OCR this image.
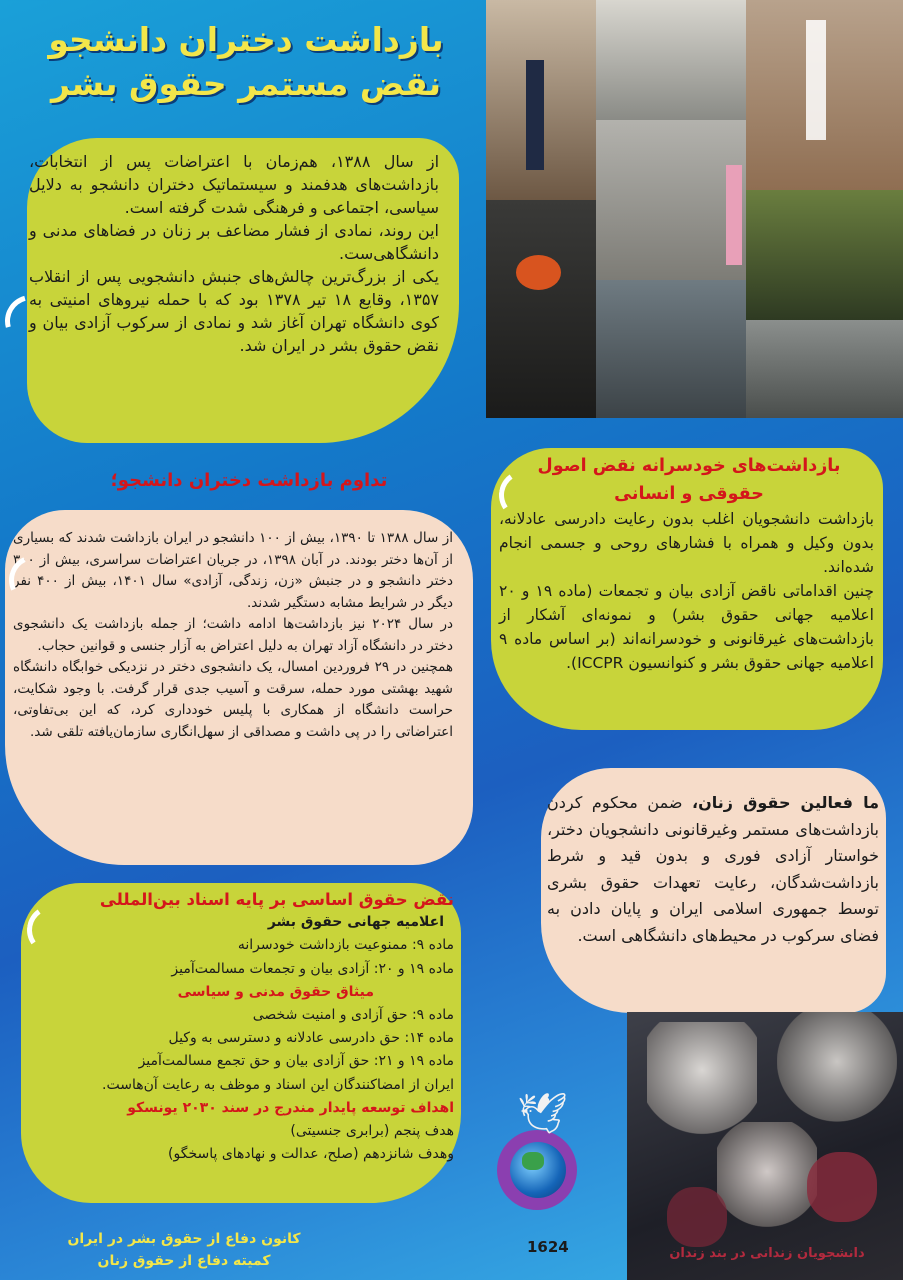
بازداشت دختران دانشجو
نقض مستمر حقوق بشر

از سال ۱۳۸۸، هم‌زمان با اعتراضات پس از انتخابات، بازداشت‌های هدفمند و سیستماتیک دختران دانشجو به دلایل سیاسی، اجتماعی و فرهنگی شدت گرفته است.

این روند، نمادی از فشار مضاعف بر زنان در فضاهای مدنی و دانشگاهی‌ست.

یکی از بزرگ‌ترین چالش‌های جنبش دانشجویی پس از انقلاب ۱۳۵۷، وقایع ۱۸ تیر ۱۳۷۸ بود که با حمله نیروهای امنیتی به کوی دانشگاه تهران آغاز شد و نمادی از سرکوب آزادی بیان و نقض حقوق بشر در ایران شد.

تداوم بازداشت دختران دانشجو؛

از سال ۱۳۸۸ تا ۱۳۹۰، بیش از ۱۰۰ دانشجو در ایران بازداشت شدند که بسیاری از آن‌ها دختر بودند. در آبان ۱۳۹۸، در جریان اعتراضات سراسری، بیش از ۳۰۰ دختر دانشجو و در جنبش «زن، زندگی، آزادی» سال ۱۴۰۱، بیش از ۴۰۰ نفر دیگر در شرایط مشابه دستگیر شدند.

در سال ۲۰۲۴ نیز بازداشت‌ها ادامه داشت؛ از جمله بازداشت یک دانشجوی دختر در دانشگاه آزاد تهران به دلیل اعتراض به آزار جنسی و قوانین حجاب.

همچنین در ۲۹ فروردین امسال، یک دانشجوی دختر در نزدیکی خوابگاه دانشگاه شهید بهشتی مورد حمله، سرقت و آسیب جدی قرار گرفت. با وجود شکایت، حراست دانشگاه از همکاری با پلیس خودداری کرد، که این بی‌تفاوتی، اعتراضاتی را در پی داشت و مصداقی از سهل‌انگاری سازمان‌یافته تلقی شد.

بازداشت‌های خودسرانه نقض اصول حقوقی و انسانی

بازداشت دانشجویان اغلب بدون رعایت دادرسی عادلانه، بدون وکیل و همراه با فشارهای روحی و جسمی انجام شده‌اند.

چنین اقداماتی ناقض آزادی بیان و تجمعات (ماده ۱۹ و ۲۰ اعلامیه جهانی حقوق بشر) و نمونه‌ای آشکار از بازداشت‌های غیرقانونی و خودسرانه‌اند (بر اساس ماده ۹ اعلامیه جهانی حقوق بشر و کنوانسیون ICCPR).

ما فعالین حقوق زنان، ضمن محکوم کردن بازداشت‌های مستمر وغیرقانونی دانشجویان دختر، خواستار آزادی فوری و بدون قید و شرط بازداشت‌شدگان، رعایت تعهدات حقوق بشری توسط جمهوری اسلامی ایران و پایان دادن به فضای سرکوب در محیط‌های دانشگاهی است.
دانشجویان زندانی در بند زندان
نقض حقوق اساسی بر پایه اسناد بین‌المللی
اعلامیه جهانی حقوق بشر
ماده ۹: ممنوعیت بازداشت خودسرانه
ماده ۱۹ و ۲۰: آزادی بیان و تجمعات مسالمت‌آمیز
میثاق حقوق مدنی و سیاسی
ماده ۹: حق آزادی و امنیت شخصی
ماده ۱۴: حق دادرسی عادلانه و دسترسی به وکیل
ماده ۱۹ و ۲۱: حق آزادی بیان و حق تجمع مسالمت‌آمیز
ایران از امضاکنندگان این اسناد و موظف به رعایت آن‌هاست.
اهداف توسعه پایدار مندرج در سند ۲۰۳۰ یونسکو
هدف پنجم (برابری جنسیتی)
وهدف شانزدهم (صلح، عدالت و نهادهای پاسخگو)
🕊
کانون دفاع از حقوق بشر در ایران
کمیته دفاع از حقوق زنان
1624
